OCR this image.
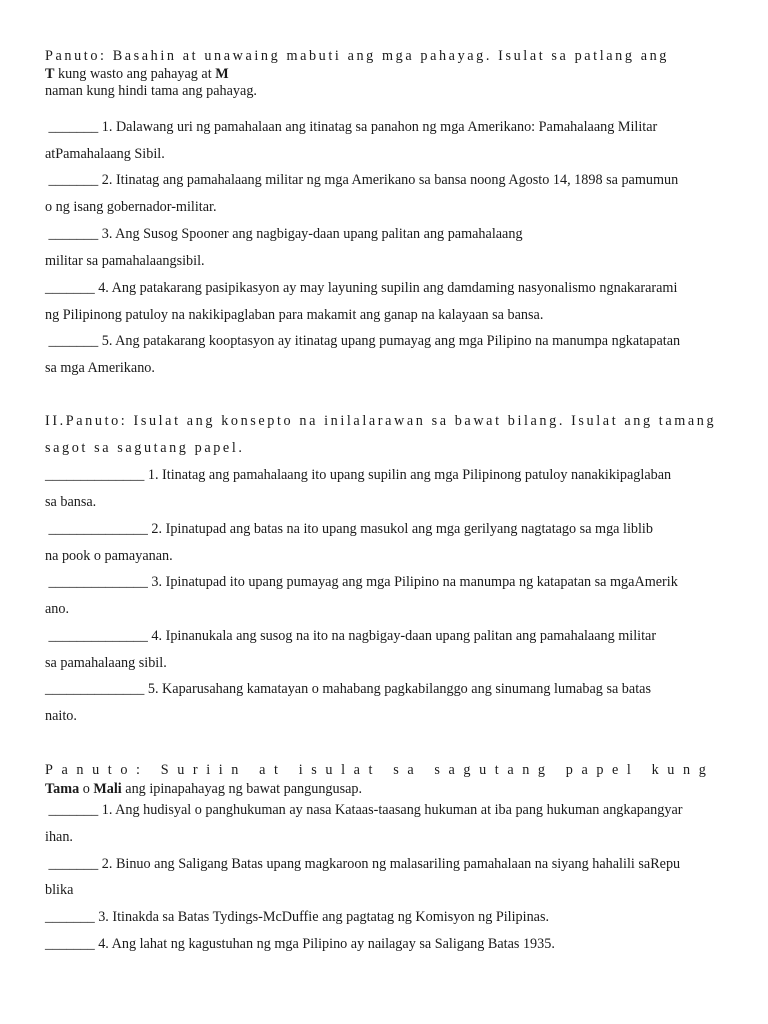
Panuto: Basahin at unawaing mabuti ang mga pahayag. Isulat sa patlang ang
T kung wasto ang pahayag at M
naman kung hindi tama ang pahayag.
_______ 1. Dalawang uri ng pamahalaan ang itinatag sa panahon ng mga Amerikano: Pamahalaang Militar
atPamahalaang Sibil.
_______ 2. Itinatag ang pamahalaang militar ng mga Amerikano sa bansa noong Agosto 14, 1898 sa pamumun
o ng isang gobernador-militar.
_______ 3. Ang Susog Spooner ang nagbigay-daan upang palitan ang pamahalaang
militar sa pamahalaangsibil.
_______ 4. Ang patakarang pasipikasyon ay may layuning supilin ang damdaming nasyonalismo ngnakararami
ng Pilipinong patuloy na nakikipaglaban para makamit ang ganap na kalayaan sa bansa.
_______ 5. Ang patakarang kooptasyon ay itinatag upang pumayag ang mga Pilipino na manumpa ngkatapatan
sa mga Amerikano.
II.Panuto: Isulat ang konsepto na inilalarawan sa bawat bilang. Isulat ang tamang
sagot sa sagutang papel.
______________ 1. Itinatag ang pamahalaang ito upang supilin ang mga Pilipinong patuloy nanakikipaglaban
sa bansa.
______________ 2. Ipinatupad ang batas na ito upang masukol ang mga gerilyang nagtatago sa mga liblib
na pook o pamayanan.
______________ 3. Ipinatupad ito upang pumayag ang mga Pilipino na manumpa ng katapatan sa mgaAmerik
ano.
______________ 4. Ipinanukala ang susog na ito na nagbigay-daan upang palitan ang pamahalaang militar
sa pamahalaang sibil.
______________ 5. Kaparusahang kamatayan o mahabang pagkabilanggo ang sinumang lumabag sa batas
naito.
Panuto: Suriin at isulat sa sagutang papel kung
Tama o Mali ang ipinapahayag ng bawat pangungusap.
_______ 1. Ang hudisyal o panghukuman ay nasa Kataas-taasang hukuman at iba pang hukuman angkapangyar
ihan.
_______ 2. Binuo ang Saligang Batas upang magkaroon ng malasariling pamahalaan na siyang hahalili saRepu
blika
_______ 3. Itinakda sa Batas Tydings-McDuffie ang pagtatag ng Komisyon ng Pilipinas.
_______ 4. Ang lahat ng kagustuhan ng mga Pilipino ay nailagay sa Saligang Batas 1935.
